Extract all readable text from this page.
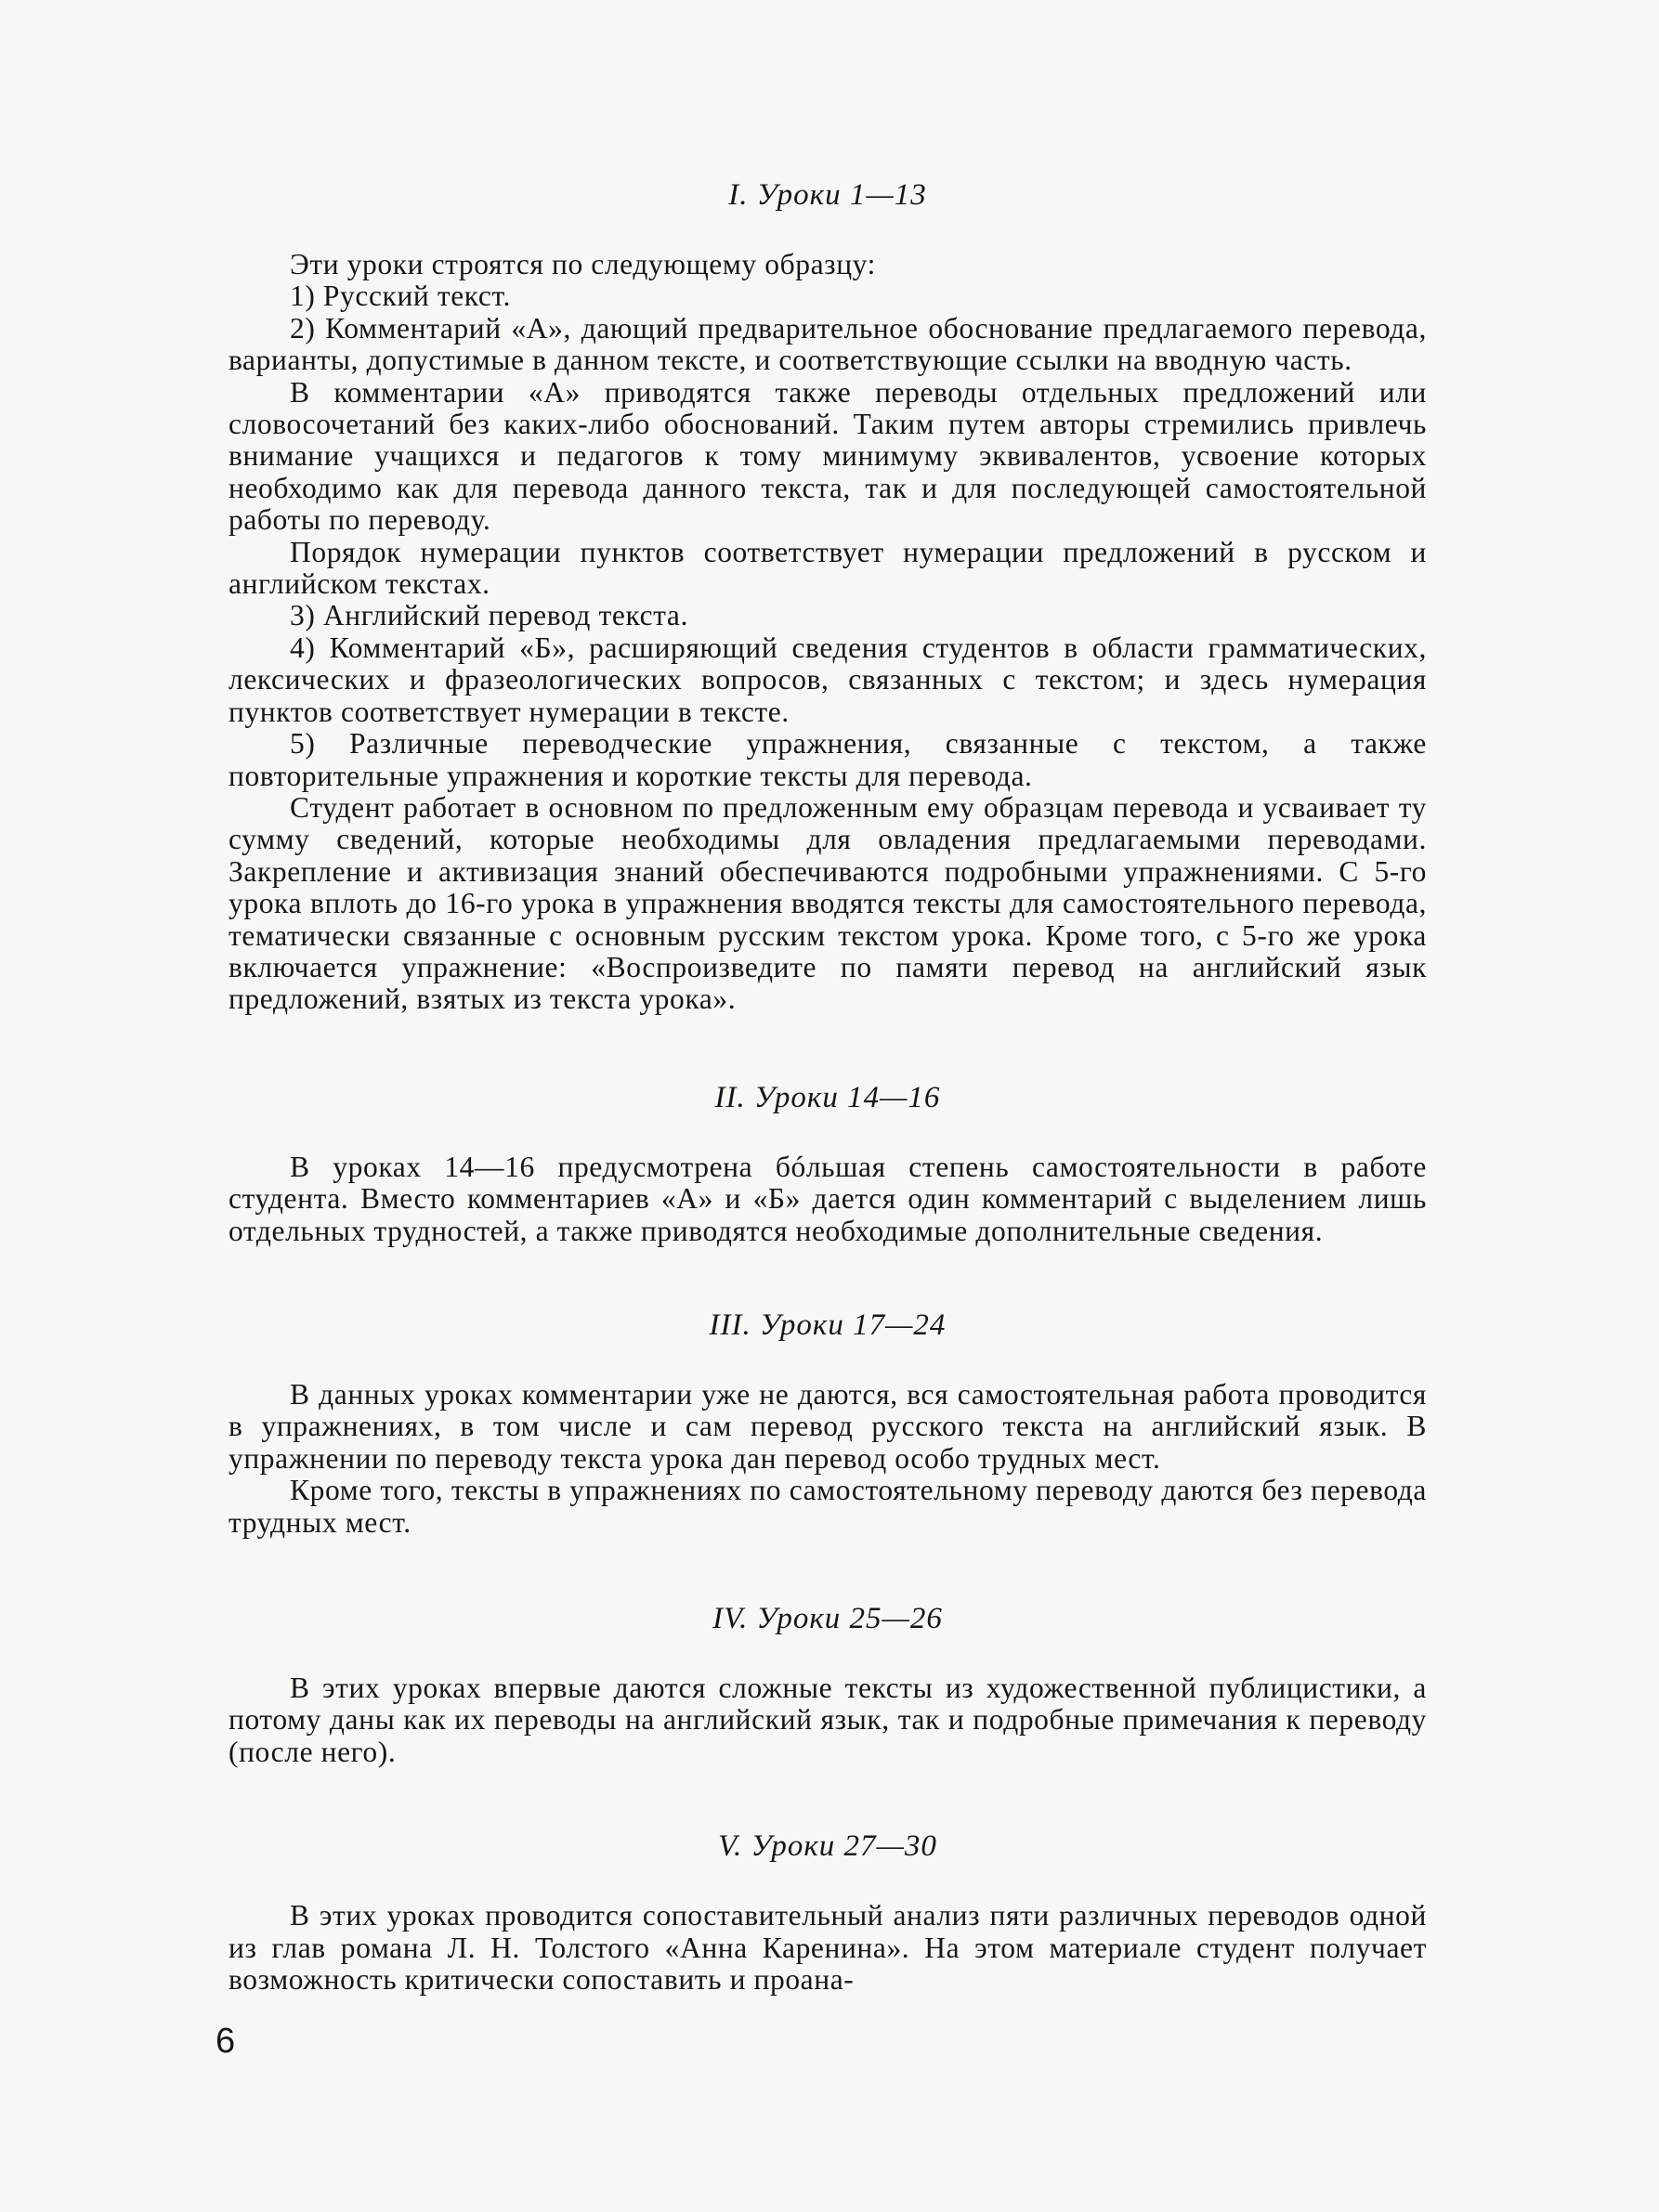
I. Уроки 1—13

Эти уроки строятся по следующему образцу:

1) Русский текст.

2) Комментарий «А», дающий предварительное обоснование предлагаемого перевода, варианты, допустимые в данном тексте, и соответствующие ссылки на вводную часть.

В комментарии «А» приводятся также переводы отдельных предложений или словосочетаний без каких-либо обоснований. Таким путем авторы стремились привлечь внимание учащихся и педагогов к тому минимуму эквивалентов, усвоение которых необходимо как для перевода данного текста, так и для последующей самостоятельной работы по переводу.

Порядок нумерации пунктов соответствует нумерации предложений в русском и английском текстах.

3) Английский перевод текста.

4) Комментарий «Б», расширяющий сведения студентов в области грамматических, лексических и фразеологических вопросов, связанных с текстом; и здесь нумерация пунктов соответствует нумерации в тексте.

5) Различные переводческие упражнения, связанные с текстом, а также повторительные упражнения и короткие тексты для перевода.

Студент работает в основном по предложенным ему образцам перевода и усваивает ту сумму сведений, которые необходимы для овладения предлагаемыми переводами. Закрепление и активизация знаний обеспечиваются подробными упражнениями. С 5-го урока вплоть до 16-го урока в упражнения вводятся тексты для самостоятельного перевода, тематически связанные с основным русским текстом урока. Кроме того, с 5-го же урока включается упражнение: «Воспроизведите по памяти перевод на английский язык предложений, взятых из текста урока».

II. Уроки 14—16

В уроках 14—16 предусмотрена бóльшая степень самостоятельности в работе студента. Вместо комментариев «А» и «Б» дается один комментарий с выделением лишь отдельных трудностей, а также приводятся необходимые дополнительные сведения.

III. Уроки 17—24

В данных уроках комментарии уже не даются, вся самостоятельная работа проводится в упражнениях, в том числе и сам перевод русского текста на английский язык. В упражнении по переводу текста урока дан перевод особо трудных мест.

Кроме того, тексты в упражнениях по самостоятельному переводу даются без перевода трудных мест.

IV. Уроки 25—26

В этих уроках впервые даются сложные тексты из художественной публицистики, а потому даны как их переводы на английский язык, так и подробные примечания к переводу (после него).

V. Уроки 27—30

В этих уроках проводится сопоставительный анализ пяти различных переводов одной из глав романа Л. Н. Толстого «Анна Каренина». На этом материале студент получает возможность критически сопоставить и проана-

6
